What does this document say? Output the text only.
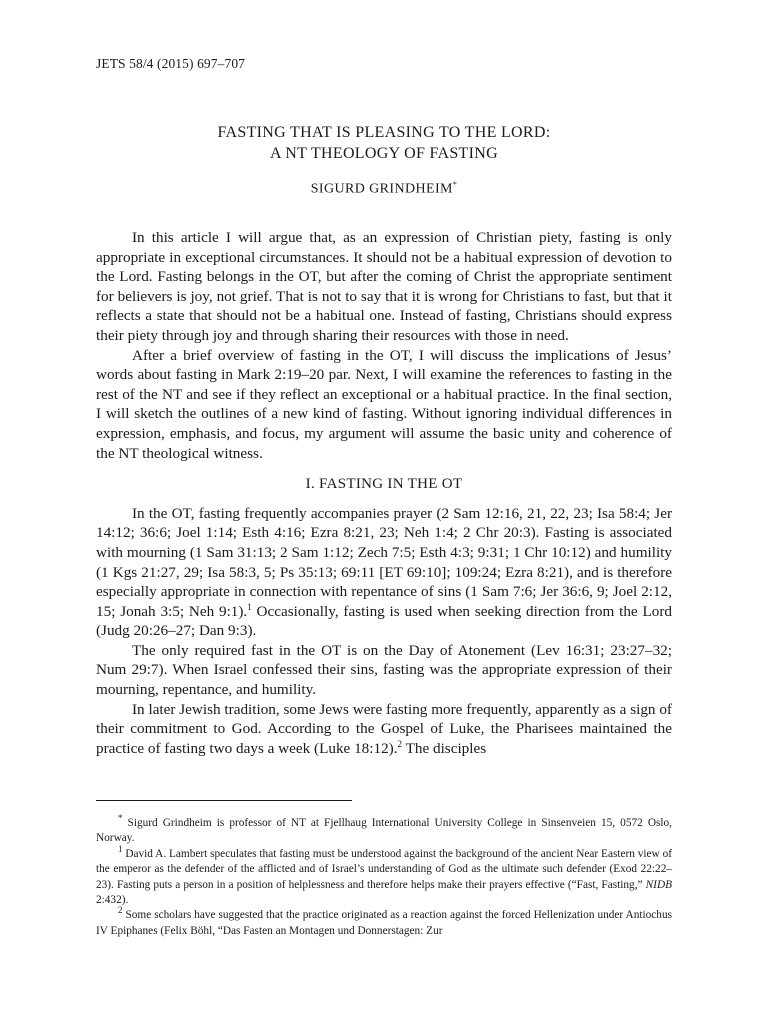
JETS 58/4 (2015) 697–707
FASTING THAT IS PLEASING TO THE LORD:
A NT THEOLOGY OF FASTING
SIGURD GRINDHEIM*

In this article I will argue that, as an expression of Christian piety, fasting is only appropriate in exceptional circumstances. It should not be a habitual expression of devotion to the Lord. Fasting belongs in the OT, but after the coming of Christ the appropriate sentiment for believers is joy, not grief. That is not to say that it is wrong for Christians to fast, but that it reflects a state that should not be a habitual one. Instead of fasting, Christians should express their piety through joy and through sharing their resources with those in need.

After a brief overview of fasting in the OT, I will discuss the implications of Jesus’ words about fasting in Mark 2:19–20 par. Next, I will examine the references to fasting in the rest of the NT and see if they reflect an exceptional or a habitual practice. In the final section, I will sketch the outlines of a new kind of fasting. Without ignoring individual differences in expression, emphasis, and focus, my argument will assume the basic unity and coherence of the NT theological witness.

I. FASTING IN THE OT

In the OT, fasting frequently accompanies prayer (2 Sam 12:16, 21, 22, 23; Isa 58:4; Jer 14:12; 36:6; Joel 1:14; Esth 4:16; Ezra 8:21, 23; Neh 1:4; 2 Chr 20:3). Fasting is associated with mourning (1 Sam 31:13; 2 Sam 1:12; Zech 7:5; Esth 4:3; 9:31; 1 Chr 10:12) and humility (1 Kgs 21:27, 29; Isa 58:3, 5; Ps 35:13; 69:11 [ET 69:10]; 109:24; Ezra 8:21), and is therefore especially appropriate in connection with repentance of sins (1 Sam 7:6; Jer 36:6, 9; Joel 2:12, 15; Jonah 3:5; Neh 9:1).$^1$ Occasionally, fasting is used when seeking direction from the Lord (Judg 20:26–27; Dan 9:3).

The only required fast in the OT is on the Day of Atonement (Lev 16:31; 23:27–32; Num 29:7). When Israel confessed their sins, fasting was the appropriate expression of their mourning, repentance, and humility.

In later Jewish tradition, some Jews were fasting more frequently, apparently as a sign of their commitment to God. According to the Gospel of Luke, the Pharisees maintained the practice of fasting two days a week (Luke 18:12).$^2$ The disciples

* Sigurd Grindheim is professor of NT at Fjellhaug International University College in Sinsenveien 15, 0572 Oslo, Norway.

$^1$ David A. Lambert speculates that fasting must be understood against the background of the ancient Near Eastern view of the emperor as the defender of the afflicted and of Israel’s understanding of God as the ultimate such defender (Exod 22:22–23). Fasting puts a person in a position of helplessness and therefore helps make their prayers effective (“Fast, Fasting,” NIDB 2:432).

$^2$ Some scholars have suggested that the practice originated as a reaction against the forced Hellenization under Antiochus IV Epiphanes (Felix Böhl, “Das Fasten an Montagen und Donnerstagen: Zur
